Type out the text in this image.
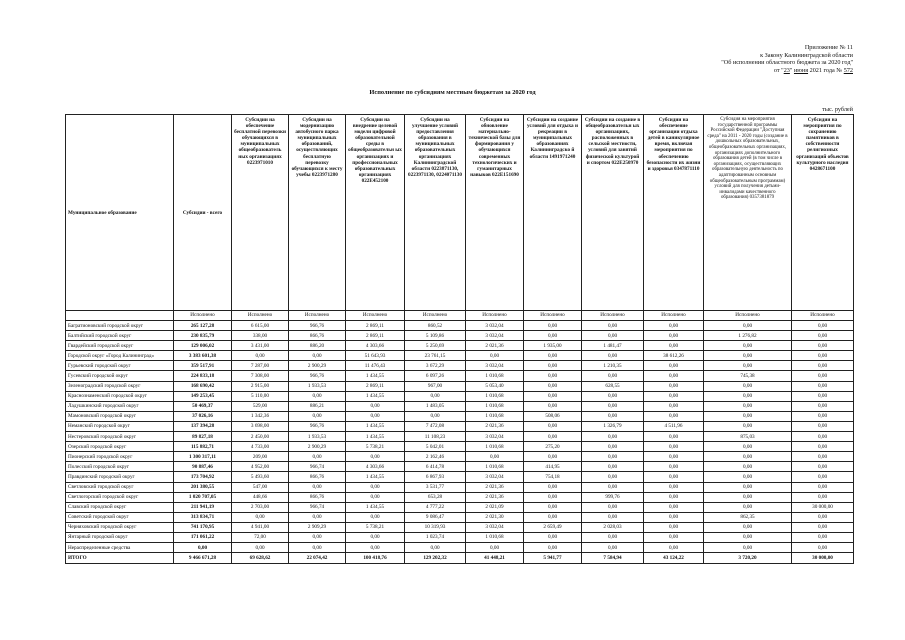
Приложение № 11
к Закону Калининградской области
"Об исполнении областного бюджета за 2020 год"
от "23" июня 2021 года № 572
Исполнение по субсидиям местным бюджетам за 2020 год
тыс. рублей
Муниципальное образование	Субсидии - всего	Субсидии на обеспечение бесплатной перевозки обучающихся в муниципальных общеобразователь ных организациях 0223971010	Субсидии на модернизацию автобусного парка муниципальных образований, осуществляющих бесплатную перевозку обучающихся к месту учебы 0223971280	Субсидии на внедрение целевой модели цифровой образовательной среды в общеобразовательн ых организациях и профессиональных образовательных организациях 022Е452100	Субсидии на улучшение условий предоставления образования в муниципальных образовательных организациях Калининградской области 0223871130, 0223971130, 0224071130	Субсидии на обновление материально-технической базы для формирования у обучающихся современных технологических и гуманитарных навыков 022Е151690	Субсидии на создание условий для отдыха и рекреации в муниципальных образованиях Калининградско й области 1491971240	Субсидии на создание в общеобразовательн ых организациях, расположенных в сельской местности, условий для занятий физической культурой и спортом 022Е250970	Субсидии на обеспечение организации отдыха детей в каникулярное время, включая мероприятия по обеспечению безопасности их жизни и здоровья 0347871110	Субсидия на мероприятия государственной программы Российской Федерации "Доступная среда" на 2011 - 2020 годы (создание в дошкольных образовательных, общеобразовательных организациях, организациях дополнительного образования детей (в том числе в организациях, осуществляющих образовательную деятельность по адаптированным основным общеобразовательным программам) условий для получения детьми-инвалидами качественного образования) 0357381879	Субсидии на мероприятия по сохранению памятников в собственности религиозных организаций объектов культурного наследия 0428671100
	Исполнено	Исполнено	Исполнено	Исполнено	Исполнено	Исполнено	Исполнено	Исполнено	Исполнено	Исполнено	Исполнено
Багратионовский городской округ	265 127,28	6 615,00	966,76	2 869,11	860,52	3 032,04	0,00	0,00	0,00	0,00	0,00
Балтийский городской округ	230 835,79	338,00	866,76	2 869,11	5 109,86	3 032,04	0,00	0,00	0,00	1 276,82	0,00
Гвардейский городской округ	129 006,02	3 431,00	886,20	4 303,66	5 250,69	2 021,36	1 935,00	1 481,47	0,00	0,00	0,00
Городской округ «Город Калининград»	3 383 601,38	0,00	0,00	51 643,93	23 761,15	0,00	0,00	0,00	38 612,26	0,00	0,00
Гурьевский городской округ	359 517,91	7 287,00	2 900,29	11 476,43	3 672,29	3 032,04	0,00	1 210,35	0,00	0,00	0,00
Гусевский городской округ	224 833,18	7 308,00	966,76	1 434,55	6 097,26	1 010,68	0,00	0,00	0,00	745,38	0,00
Зеленоградский городской округ	168 690,42	2 915,00	1 933,53	2 869,11	967,00	5 053,40	0,00	628,55	0,00	0,00	0,00
Краснознаменский городской округ	149 253,45	5 110,00	0,00	1 434,55	0,00	1 010,68	0,00	0,00	0,00	0,00	0,00
Ладушкинский городской округ	50 469,37	529,00	886,21	0,00	1 483,05	1 010,68	0,00	0,00	0,00	0,00	0,00
Мамоновский городской округ	37 026,16	1 342,36	0,00	0,00	0,00	1 010,68	508,06	0,00	0,00	0,00	0,00
Неманский городской округ	137 394,28	3 698,00	966,76	1 434,55	7 472,08	2 021,36	0,00	1 326,79	4 511,96	0,00	0,00
Нестеровский городской округ	89 827,18	2 450,00	1 933,53	1 434,55	11 108,23	3 032,04	0,00	0,00	0,00	875,03	0,00
Озерский городской округ	115 882,71	4 733,00	2 900,29	5 738,21	5 042,01	1 010,68	275,20	0,00	0,00	0,00	0,00
Пионерский городской округ	1 300 317,11	209,00	0,00	0,00	2 162,46	0,00	0,00	0,00	0,00	0,00	0,00
Полесский городской округ	90 887,46	4 952,00	966,74	4 303,66	6 414,78	1 010,68	414,95	0,00	0,00	0,00	0,00
Правдинский городской округ	173 704,92	5 493,60	866,76	1 434,55	6 867,93	3 032,04	754,18	0,00	0,00	0,00	0,00
Светловский городской округ	201 380,55	547,00	0,00	0,00	3 531,77	2 021,36	0,00	0,00	0,00	0,00	0,00
Светлогорский городской округ	1 020 707,05	448,66	866,76	0,00	653,28	2 021,36	0,00	999,76	0,00	0,00	0,00
Славский городской округ	211 941,19	2 703,00	966,74	1 434,55	4 777,22	2 021,09	0,00	0,00	0,00	0,00	30 000,00
Советский городской округ	313 834,71	0,00	0,00	0,00	9 086,47	2 021,30	0,00	0,00	0,00	862,35	0,00
Черняховский городской округ	741 170,95	4 941,00	2 909,29	5 738,21	10 319,93	3 032,04	2 659,49	2 028,03	0,00	0,00	0,00
Янтарный городской округ	171 061,22	72,00	0,00	0,00	1 023,74	1 010,68	0,00	0,00	0,00	0,00	0,00
Нераспределенные средства	0,00	0,00	0,00	0,00	0,00	0,00	0,00	0,00	0,00	0,00	0,00
ИТОГО	9 466 671,28	69 628,62	22 074,42	100 418,76	129 202,32	41 448,21	5 941,77	7 584,94	43 124,22	3 720,20	30 000,00
